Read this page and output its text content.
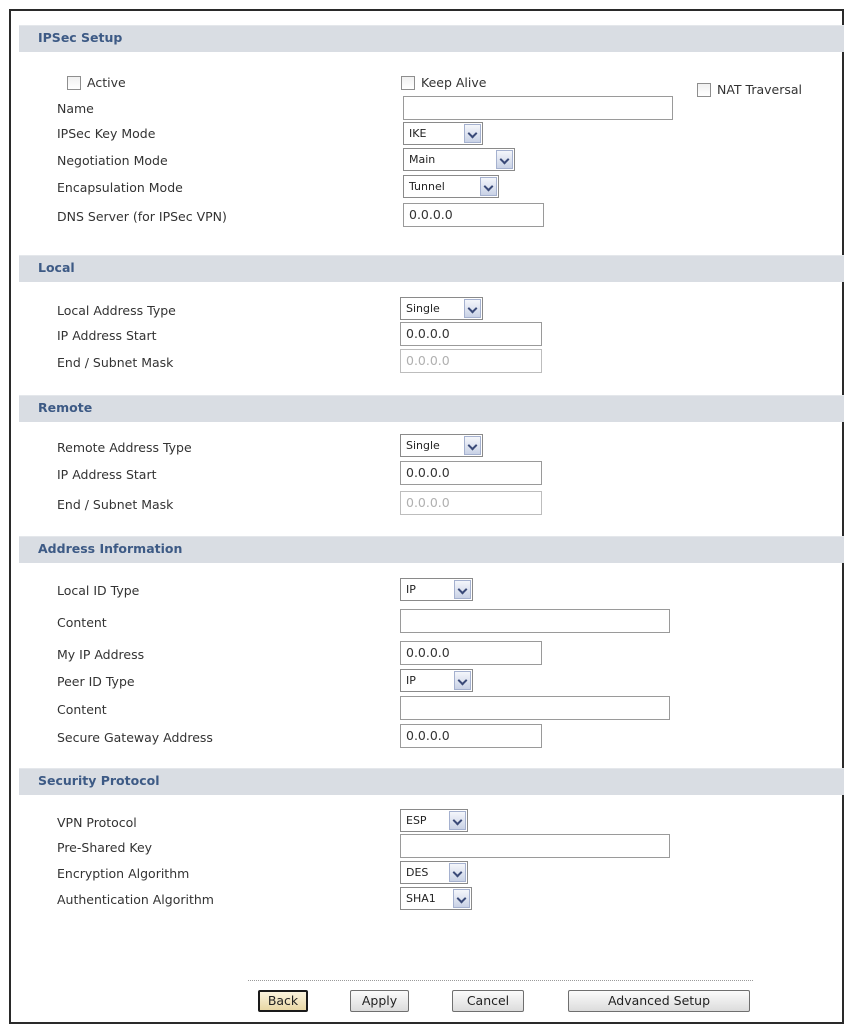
IPSec Setup
Active	Keep Alive	NAT Traversal
Name
IPSec Key Mode	IKE
Negotiation Mode	Main
Encapsulation Mode	Tunnel
DNS Server (for IPSec VPN)	0.0.0.0
Local
Local Address Type	Single
IP Address Start	0.0.0.0
End / Subnet Mask	0.0.0.0
Remote
Remote Address Type	Single
IP Address Start	0.0.0.0
End / Subnet Mask	0.0.0.0
Address Information
Local ID Type	IP
Content
My IP Address	0.0.0.0
Peer ID Type	IP
Content
Secure Gateway Address	0.0.0.0
Security Protocol
VPN Protocol	ESP
Pre-Shared Key
Encryption Algorithm	DES
Authentication Algorithm	SHA1
Back	Apply	Cancel	Advanced Setup
